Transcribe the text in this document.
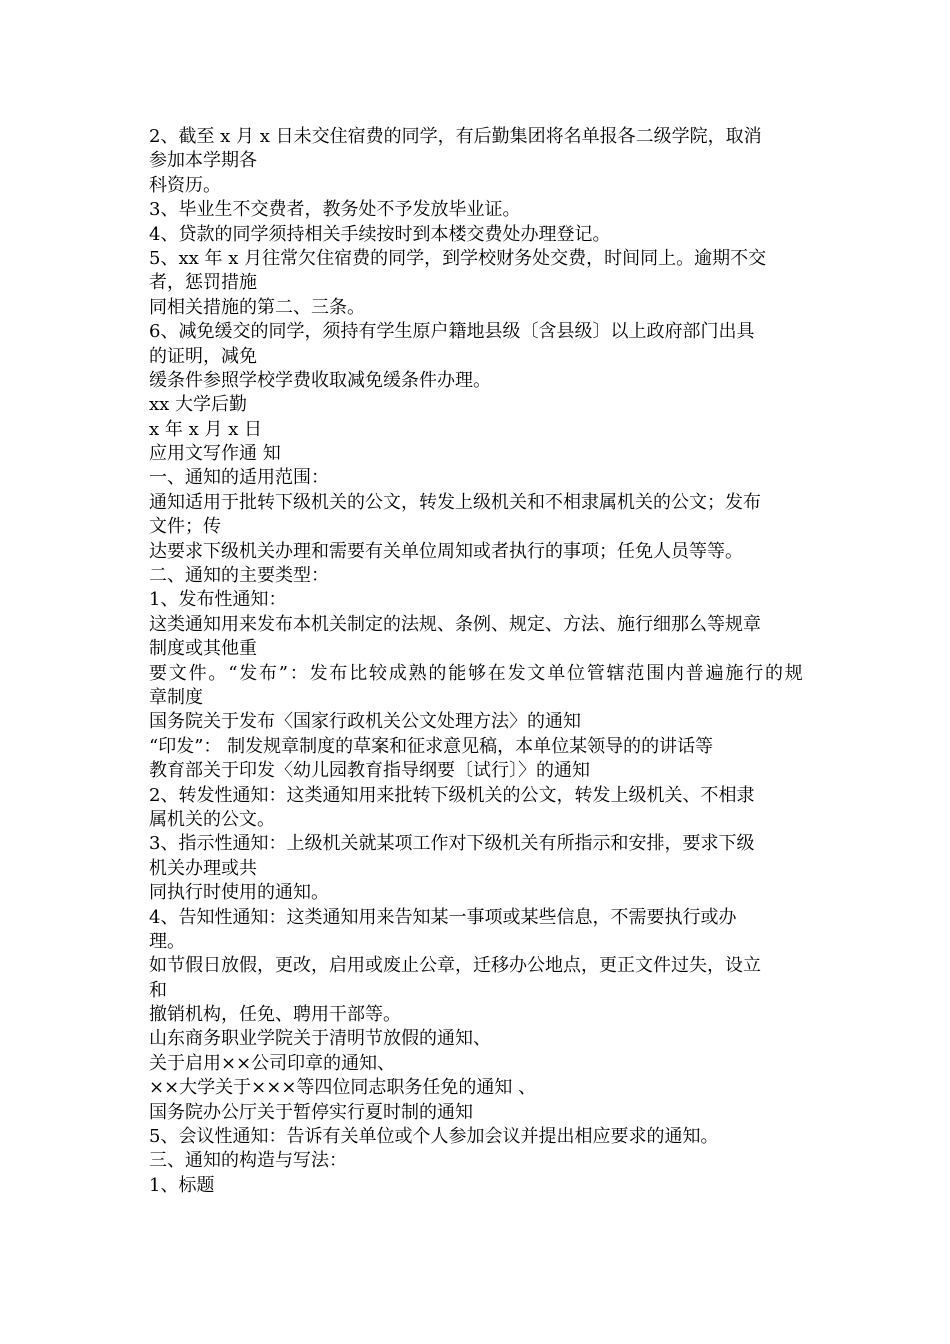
2、截至 x 月 x 日未交住宿费的同学，有后勤集团将名单报各二级学院，取消
参加本学期各
科资历。
3、毕业生不交费者，教务处不予发放毕业证。
4、贷款的同学须持相关手续按时到本楼交费处办理登记。
5、xx 年 x 月往常欠住宿费的同学，到学校财务处交费，时间同上。逾期不交
者，惩罚措施
同相关措施的第二、三条。
6、减免缓交的同学，须持有学生原户籍地县级〔含县级〕以上政府部门出具
的证明，减免
缓条件参照学校学费收取减免缓条件办理。
xx 大学后勤
x 年 x 月 x 日
应用文写作通 知
一、通知的适用范围：
通知适用于批转下级机关的公文，转发上级机关和不相隶属机关的公文；发布
文件；传
达要求下级机关办理和需要有关单位周知或者执行的事项；任免人员等等。
二、通知的主要类型：
1、发布性通知：
这类通知用来发布本机关制定的法规、条例、规定、方法、施行细那么等规章
制度或其他重
要文件。“发布”：发布比较成熟的能够在发文单位管辖范围内普遍施行的规
章制度
国务院关于发布〈国家行政机关公文处理方法〉的通知
“印发”： 制发规章制度的草案和征求意见稿，本单位某领导的的讲话等
教育部关于印发〈幼儿园教育指导纲要〔试行〕〉的通知
2、转发性通知：这类通知用来批转下级机关的公文，转发上级机关、不相隶
属机关的公文。
3、指示性通知：上级机关就某项工作对下级机关有所指示和安排，要求下级
机关办理或共
同执行时使用的通知。
4、告知性通知：这类通知用来告知某一事项或某些信息，不需要执行或办
理。
如节假日放假，更改，启用或废止公章，迁移办公地点，更正文件过失，设立
和
撤销机构，任免、聘用干部等。
山东商务职业学院关于清明节放假的通知、
关于启用××公司印章的通知、
××大学关于×××等四位同志职务任免的通知 、
国务院办公厅关于暂停实行夏时制的通知
5、会议性通知：告诉有关单位或个人参加会议并提出相应要求的通知。
三、通知的构造与写法：
1、标题
